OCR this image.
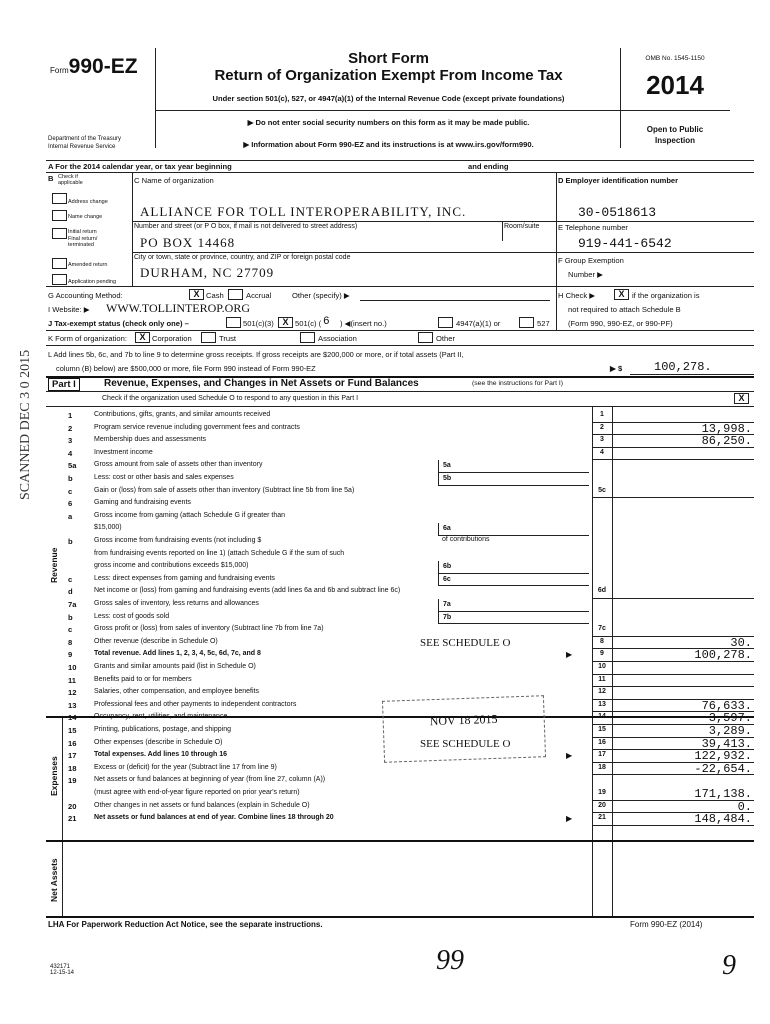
Form990-EZ	Short Form
Return of Organization Exempt From Income Tax
Under section 501(c), 527, or 4947(a)(1) of the Internal Revenue Code (except private foundations)
▶ Do not enter social security numbers on this form as it may be made public.
▶ Information about Form 990-EZ and its instructions is at www.irs.gov/form990.
Department of the Treasury
Internal Revenue Service
OMB No. 1545-1150
2014
Open to Public
Inspection
A For the 2014 calendar year, or tax year beginning	and ending
B Check if applicable
Address change
Name change
Initial return
Final return/ terminated
Amended return
Application pending
C Name of organization
ALLIANCE FOR TOLL INTEROPERABILITY, INC.
Number and street (or P O box, if mail is not delivered to street address)	Room/suite
PO BOX 14468
City or town, state or province, country, and ZIP or foreign postal code
DURHAM, NC 27709
D Employer identification number
30-0518613
E Telephone number
919-441-6542
F Group Exemption
Number ▶
G Accounting Method:	X Cash	Accrual	Other (specify) ▶	H Check ▶	X if the organization is
not required to attach Schedule B
(Form 990, 990-EZ, or 990-PF)
I Website: ▶ WWW.TOLLINTEROP.ORG
J Tax-exempt status (check only one) –	501(c)(3) X 501(c) ( 6 ) ◀(insert no.)	4947(a)(1) or	527
K Form of organization:	X Corporation	Trust	Association	Other
L Add lines 5b, 6c, and 7b to line 9 to determine gross receipts. If gross receipts are $200,000 or more, or if total assets (Part II,
column (B) below) are $500,000 or more, file Form 990 instead of Form 990-EZ	▶ $	100,278.
Part I	Revenue, Expenses, and Changes in Net Assets or Fund Balances	(see the instructions for Part I)
Check if the organization used Schedule O to respond to any question in this Part I	X
Revenue
Expenses
Net Assets
1	Contributions, gifts, grants, and similar amounts received	1
2	Program service revenue including government fees and contracts	2	13,998.
3	Membership dues and assessments	3	86,250.
4	Investment income	4
5a	Gross amount from sale of assets other than inventory	5a
b	Less: cost or other basis and sales expenses	5b
c	Gain or (loss) from sale of assets other than inventory (Subtract line 5b from line 5a)	5c
6	Gaming and fundraising events
a	Gross income from gaming (attach Schedule G if greater than
$15,000)	6a
b	Gross income from fundraising events (not including $	of contributions
from fundraising events reported on line 1) (attach Schedule G if the sum of such
gross income and contributions exceeds $15,000)	6b
c	Less: direct expenses from gaming and fundraising events	6c
d	Net income or (loss) from gaming and fundraising events (add lines 6a and 6b and subtract line 6c)	6d
7a	Gross sales of inventory, less returns and allowances	7a
b	Less: cost of goods sold	7b
c	Gross profit or (loss) from sales of inventory (Subtract line 7b from line 7a)	7c
8	Other revenue (describe in Schedule O)	SEE SCHEDULE O	8	30.
9	Total revenue. Add lines 1, 2, 3, 4, 5c, 6d, 7c, and 8	▶	9	100,278.
10	Grants and similar amounts paid (list in Schedule O)	10
11	Benefits paid to or for members	11
12	Salaries, other compensation, and employee benefits	12
13	Professional fees and other payments to independent contractors	13	76,633.
14	Occupancy, rent, utilities, and maintenance	14	3,597.
15	Printing, publications, postage, and shipping	15	3,289.
16	Other expenses (describe in Schedule O)	SEE SCHEDULE O	16	39,413.
17	Total expenses. Add lines 10 through 16	▶	17	122,932.
18	Excess or (deficit) for the year (Subtract line 17 from line 9)	18	-22,654.
19	Net assets or fund balances at beginning of year (from line 27, column (A))
(must agree with end-of-year figure reported on prior year's return)	19	171,138.
20	Other changes in net assets or fund balances (explain in Schedule O)	20	0.
21	Net assets or fund balances at end of year. Combine lines 18 through 20	▶	21	148,484.
NOV 18 2015
SCANNED DEC 3 0 2015
LHA For Paperwork Reduction Act Notice, see the separate instructions.	Form 990-EZ (2014)
432171
12-15-14	99	9
